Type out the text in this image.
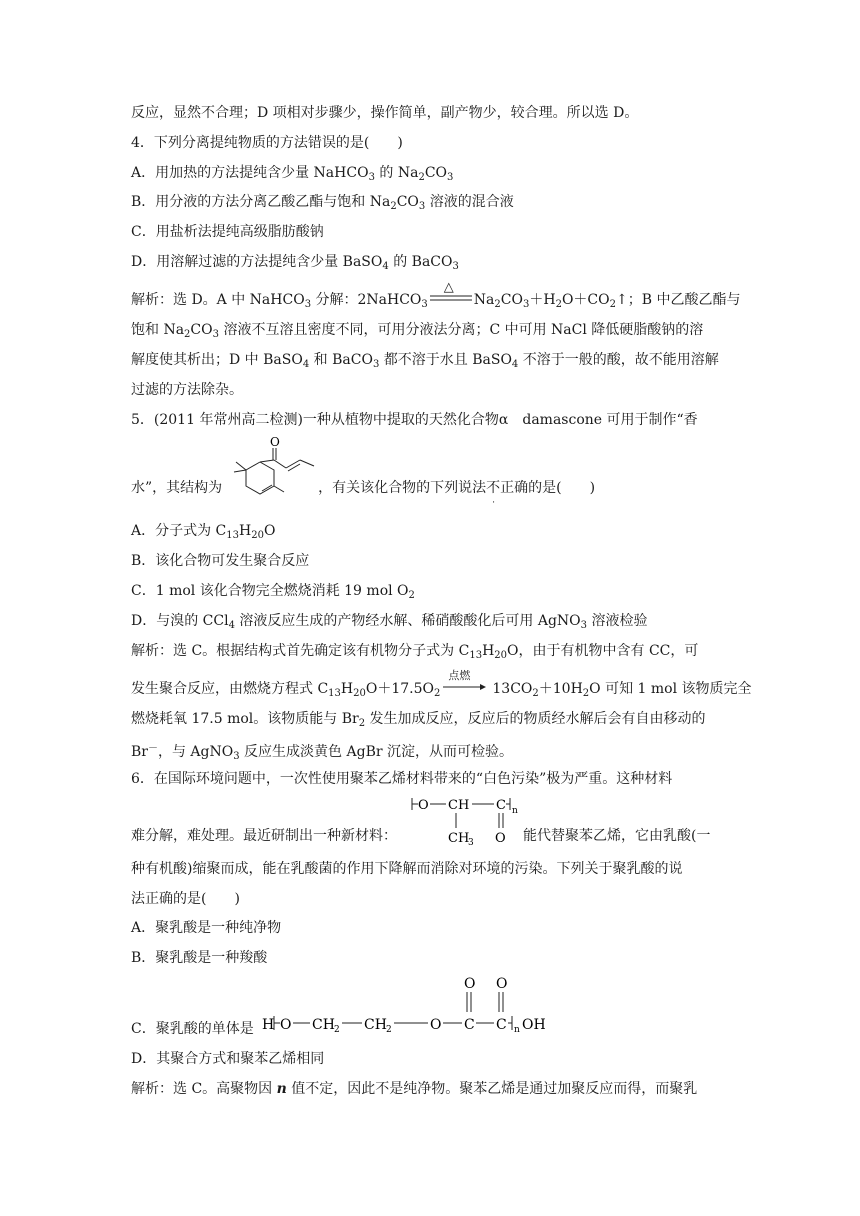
反应，显然不合理；D 项相对步骤少，操作简单，副产物少，较合理。所以选 D。
4．下列分离提纯物质的方法错误的是(　　)
A．用加热的方法提纯含少量 NaHCO$_3$ 的 $Na_2CO_3$
B．用分液的方法分离乙酸乙酯与饱和 $Na_2CO_3$ 溶液的混合液
C．用盐析法提纯高级脂肪酸钠
D．用溶解过滤的方法提纯含少量 BaSO$_4$ 的 BaCO$_3$
解析：选 D。A 中 NaHCO$_3$ 分解：2NaHCO$_3$
△
$Na_2CO_3+H_2O+CO_2↑$；B 中乙酸乙酯与
饱和 $Na_2CO_3$ 溶液不互溶且密度不同，可用分液法分离；C 中可用 NaCl 降低硬脂酸钠的溶
解度使其析出；D 中 BaSO$_4$ 和 BaCO$_3$ 都不溶于水且 BaSO$_4$ 不溶于一般的酸，故不能用溶解
过滤的方法除杂。
5．(2011 年常州高二检测)一种从植物中提取的天然化合物α　damascone 可用于制作“香
O
水”，其结构为	，有关该化合物的下列说法不
·
正确的是(　　)
A．分子式为 $C_{13}H_{20}O$
B．该化合物可发生聚合反应
C．1 mol 该化合物完全燃烧消耗 19 mol $O_2$
D．与溴的 CCl$_4$ 溶液反应生成的产物经水解、稀硝酸酸化后可用 AgNO$_3$ 溶液检验
解析：选 C。根据结构式首先确定该有机物分子式为 $C_{13}H_{20}O$，由于有机物中含有 CC，可
发生聚合反应，由燃烧方程式 $C_{13}H_{20}O+17.5O_2$
点燃
$13CO_2+10H_2O$ 可知 1 mol 该物质完全
燃烧耗氧 17.5 mol。该物质能与 $Br_2$ 发生加成反应，反应后的物质经水解后会有自由移动的
Br－，与 AgNO$_3$ 反应生成淡黄色 AgBr 沉淀，从而可检验。
6．在国际环境问题中，一次性使用聚苯乙烯材料带来的“白色污染”极为严重。这种材料
O CH C n
CH
3 O
难分解，难处理。最近研制出一种新材料：	能代替聚苯乙烯，它由乳酸(一
种有机酸)缩聚而成，能在乳酸菌的作用下降解而消除对环境的污染。下列关于聚乳酸的说
法正确的是(　　)
A．聚乳酸是一种纯净物
B．聚乳酸是一种羧酸
H O CH 2 CH 2	O C C n OH
O O
C．聚乳酸的单体是
D．其聚合方式和聚苯乙烯相同
解析：选 C。高聚物因 n 值不定，因此不是纯净物。聚苯乙烯是通过加聚反应而得，而聚乳
